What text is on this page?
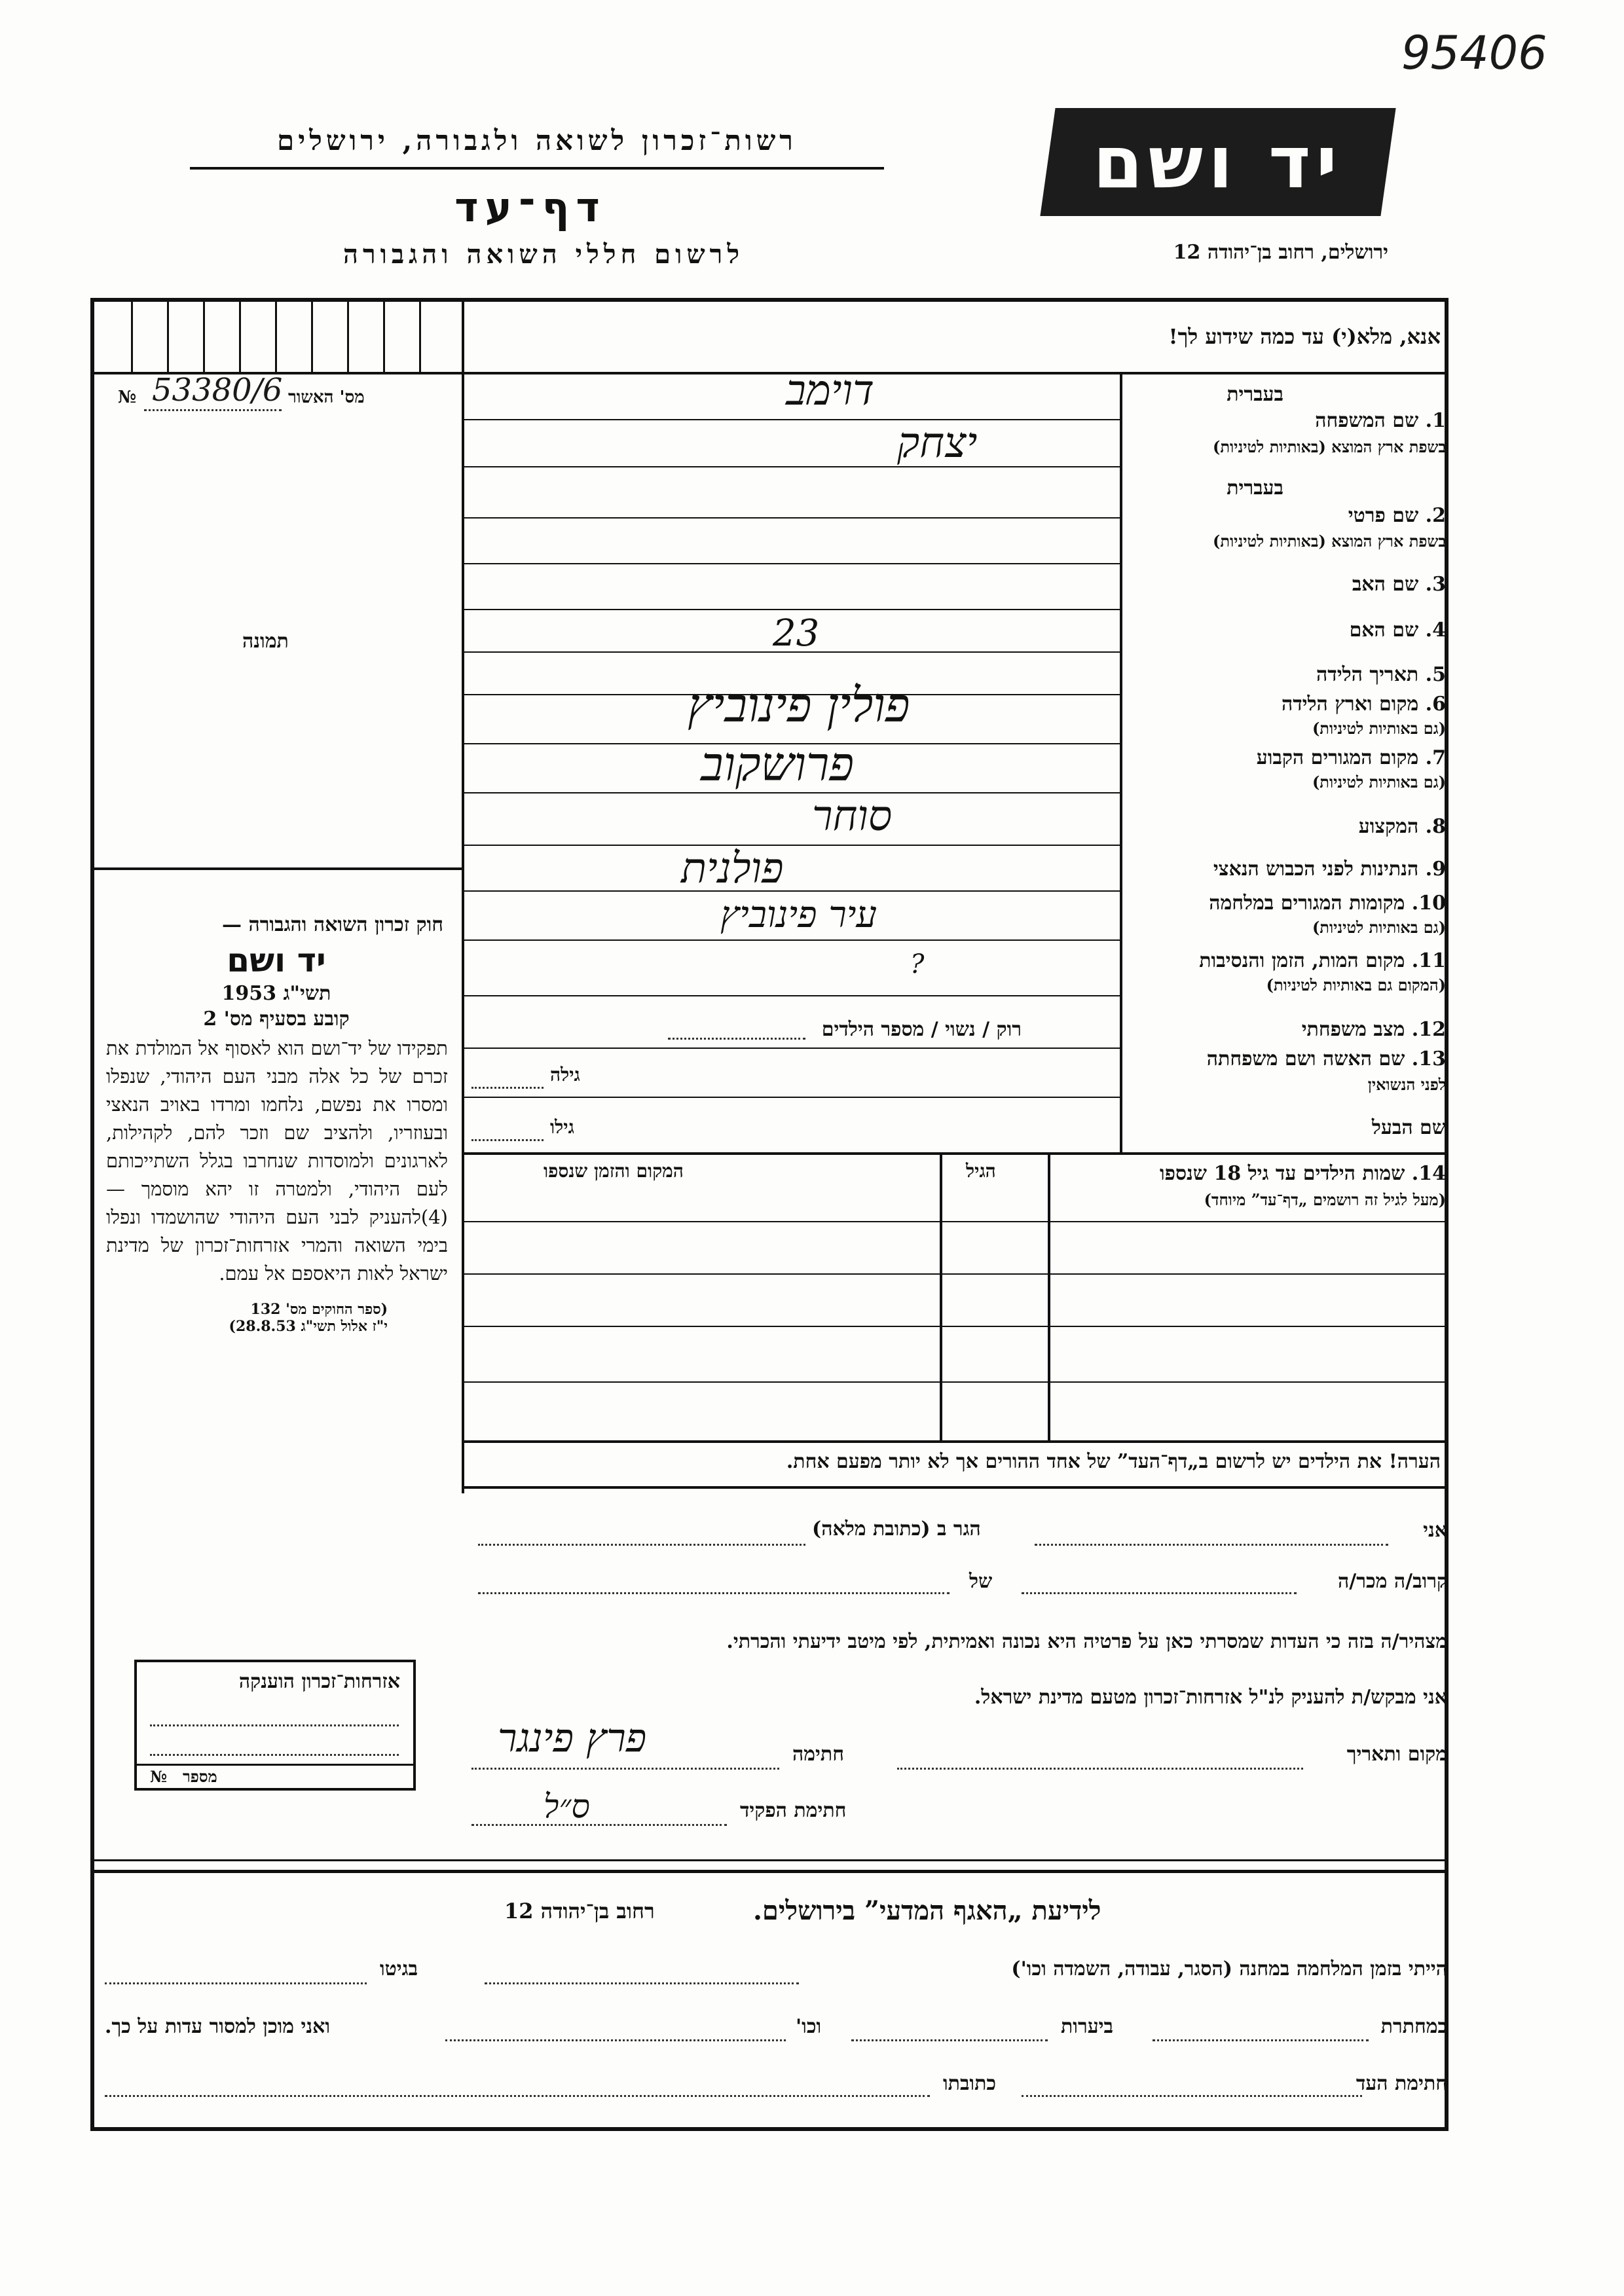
95406
יד ושם
רשות־זכרון לשואה ולגבורה, ירושלים
דף־עד
לרשום חללי השואה והגבורה	ירושלים, רחוב בן־יהודה 12
אנא, מלא(י) עד כמה שידוע לך!
מס' האשור
№ 53380/6
תמונה
בעברית
1. שם המשפחה
בשפת ארץ המוצא (באותיות לטיניות)
בעברית
2. שם פרטי
בשפת ארץ המוצא (באותיות לטיניות)
3. שם האב
4. שם האם
5. תאריך הלידה
6. מקום וארץ הלידה
(גם באותיות לטיניות)
7. מקום המגורים הקבוע
(גם באותיות לטיניות)
8. המקצוע
9. הנתינות לפני הכבוש הנאצי
10. מקומות המגורים במלחמה
(גם באותיות לטיניות)
11. מקום המות, הזמן והנסיבות
(המקום גם באותיות לטיניות)
12. מצב משפחתי
רוק / נשוי / מספר הילדים
13. שם האשה ושם משפחתה
לפני הנשואין
גילה
שם הבעל
גילו
14. שמות הילדים עד גיל 18 שנספו
(מעל לגיל זה רושמים „דף־עד” מיוחד)
הגיל
המקום והזמן שנספו
הערה! את הילדים יש לרשום ב„דף־העד” של אחד ההורים אך לא יותר מפעם אחת.
דוימב
יצחק
23
פולין פינוביץ
פרושקוב
סוחר
פולנית
עיר פינוביץ
?
חוק זכרון השואה והגבורה —
יד ושם
תשי"ג 1953
קובע בסעיף מס' 2
תפקידו של יד־ושם הוא לאסוף אל המולדת את זכרם של כל אלה מבני העם היהודי, שנפלו ומסרו את נפשם, נלחמו ומרדו באויב הנאצי ובעוזריו, ולהציב שם וזכר להם, לקהילות, לארגונים ולמוסדות שנחרבו בגלל השתייכותם לעם היהודי, ולמטרה זו יהא מוסמך — (4)להעניק לבני העם היהודי שהושמדו ונפלו בימי השואה והמרי אזרחות־זכרון של מדינת ישראל לאות היאספם אל עמם.
(ספר החוקים מס' 132
י"ז אלול תשי"ג 28.8.53)
אני
הגר ב (כתובת מלאה)
קרוב/ה מכר/ה
של
מצהיר/ה בזה כי העדות שמסרתי כאן על פרטיה היא נכונה ואמיתית, לפי מיטב ידיעתי והכרתי.
אני מבקש/ת להעניק לנ"ל אזרחות־זכרון מטעם מדינת ישראל.
מקום ותאריך
חתימה
פרץ פינגר
חתימת הפקיד
ס״ל
אזרחות־זכרון הוענקה
מספר
№
לידיעת „האגף המדעי” בירושלים.
רחוב בן־יהודה 12
הייתי בזמן המלחמה במחנה (הסגר, עבודה, השמדה וכו')
בגיטו
במחתרת
ביערות
וכו'
ואני מוכן למסור עדות על כך.
חתימת העד
כתובתו
